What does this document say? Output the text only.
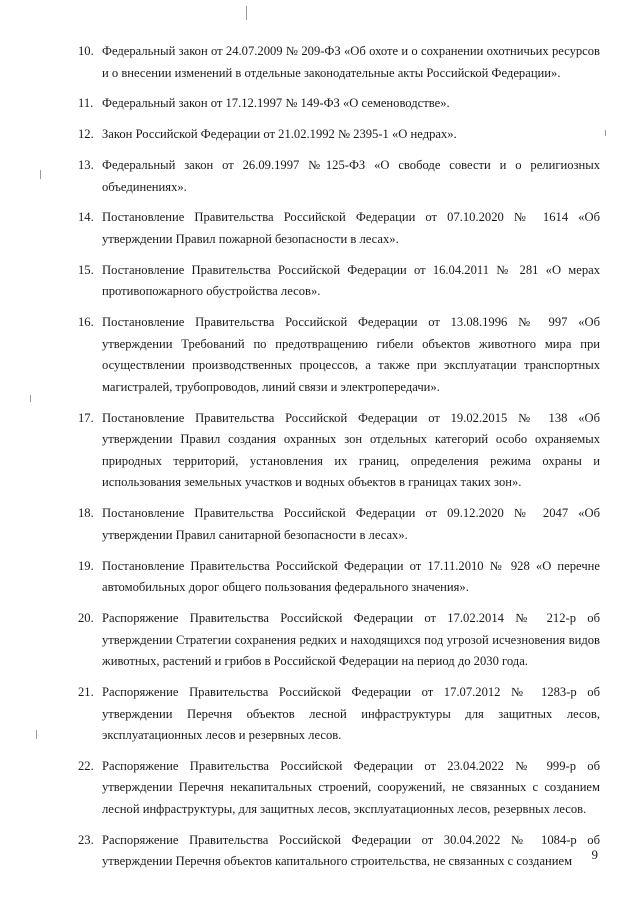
10. Федеральный закон от 24.07.2009 № 209-ФЗ «Об охоте и о сохранении охотничьих ресурсов и о внесении изменений в отдельные законодательные акты Российской Федерации».

11. Федеральный закон от 17.12.1997 № 149-ФЗ «О семеноводстве».

12. Закон Российской Федерации от 21.02.1992 № 2395-1 «О недрах».

13. Федеральный закон от 26.09.1997 №125-ФЗ «О свободе совести и о религиозных объединениях».

14. Постановление Правительства Российской Федерации от 07.10.2020 № 1614 «Об утверждении Правил пожарной безопасности в лесах».

15. Постановление Правительства Российской Федерации от 16.04.2011 № 281 «О мерах противопожарного обустройства лесов».

16. Постановление Правительства Российской Федерации от 13.08.1996 № 997 «Об утверждении Требований по предотвращению гибели объектов животного мира при осуществлении производственных процессов, а также при эксплуатации транспортных магистралей, трубопроводов, линий связи и электропередачи».

17. Постановление Правительства Российской Федерации от 19.02.2015 № 138 «Об утверждении Правил создания охранных зон отдельных категорий особо охраняемых природных территорий, установления их границ, определения режима охраны и использования земельных участков и водных объектов в границах таких зон».

18. Постановление Правительства Российской Федерации от 09.12.2020 № 2047 «Об утверждении Правил санитарной безопасности в лесах».

19. Постановление Правительства Российской Федерации от 17.11.2010 № 928 «О перечне автомобильных дорог общего пользования федерального значения».

20. Распоряжение Правительства Российской Федерации от 17.02.2014 № 212-р об утверждении Стратегии сохранения редких и находящихся под угрозой исчезновения видов животных, растений и грибов в Российской Федерации на период до 2030 года.

21. Распоряжение Правительства Российской Федерации от 17.07.2012 № 1283-р об утверждении Перечня объектов лесной инфраструктуры для защитных лесов, эксплуатационных лесов и резервных лесов.

22. Распоряжение Правительства Российской Федерации от 23.04.2022 № 999-р об утверждении Перечня некапитальных строений, сооружений, не связанных с созданием лесной инфраструктуры, для защитных лесов, эксплуатационных лесов, резервных лесов.

23. Распоряжение Правительства Российской Федерации от 30.04.2022 № 1084-р об утверждении Перечня объектов капитального строительства, не связанных с созданием	9
